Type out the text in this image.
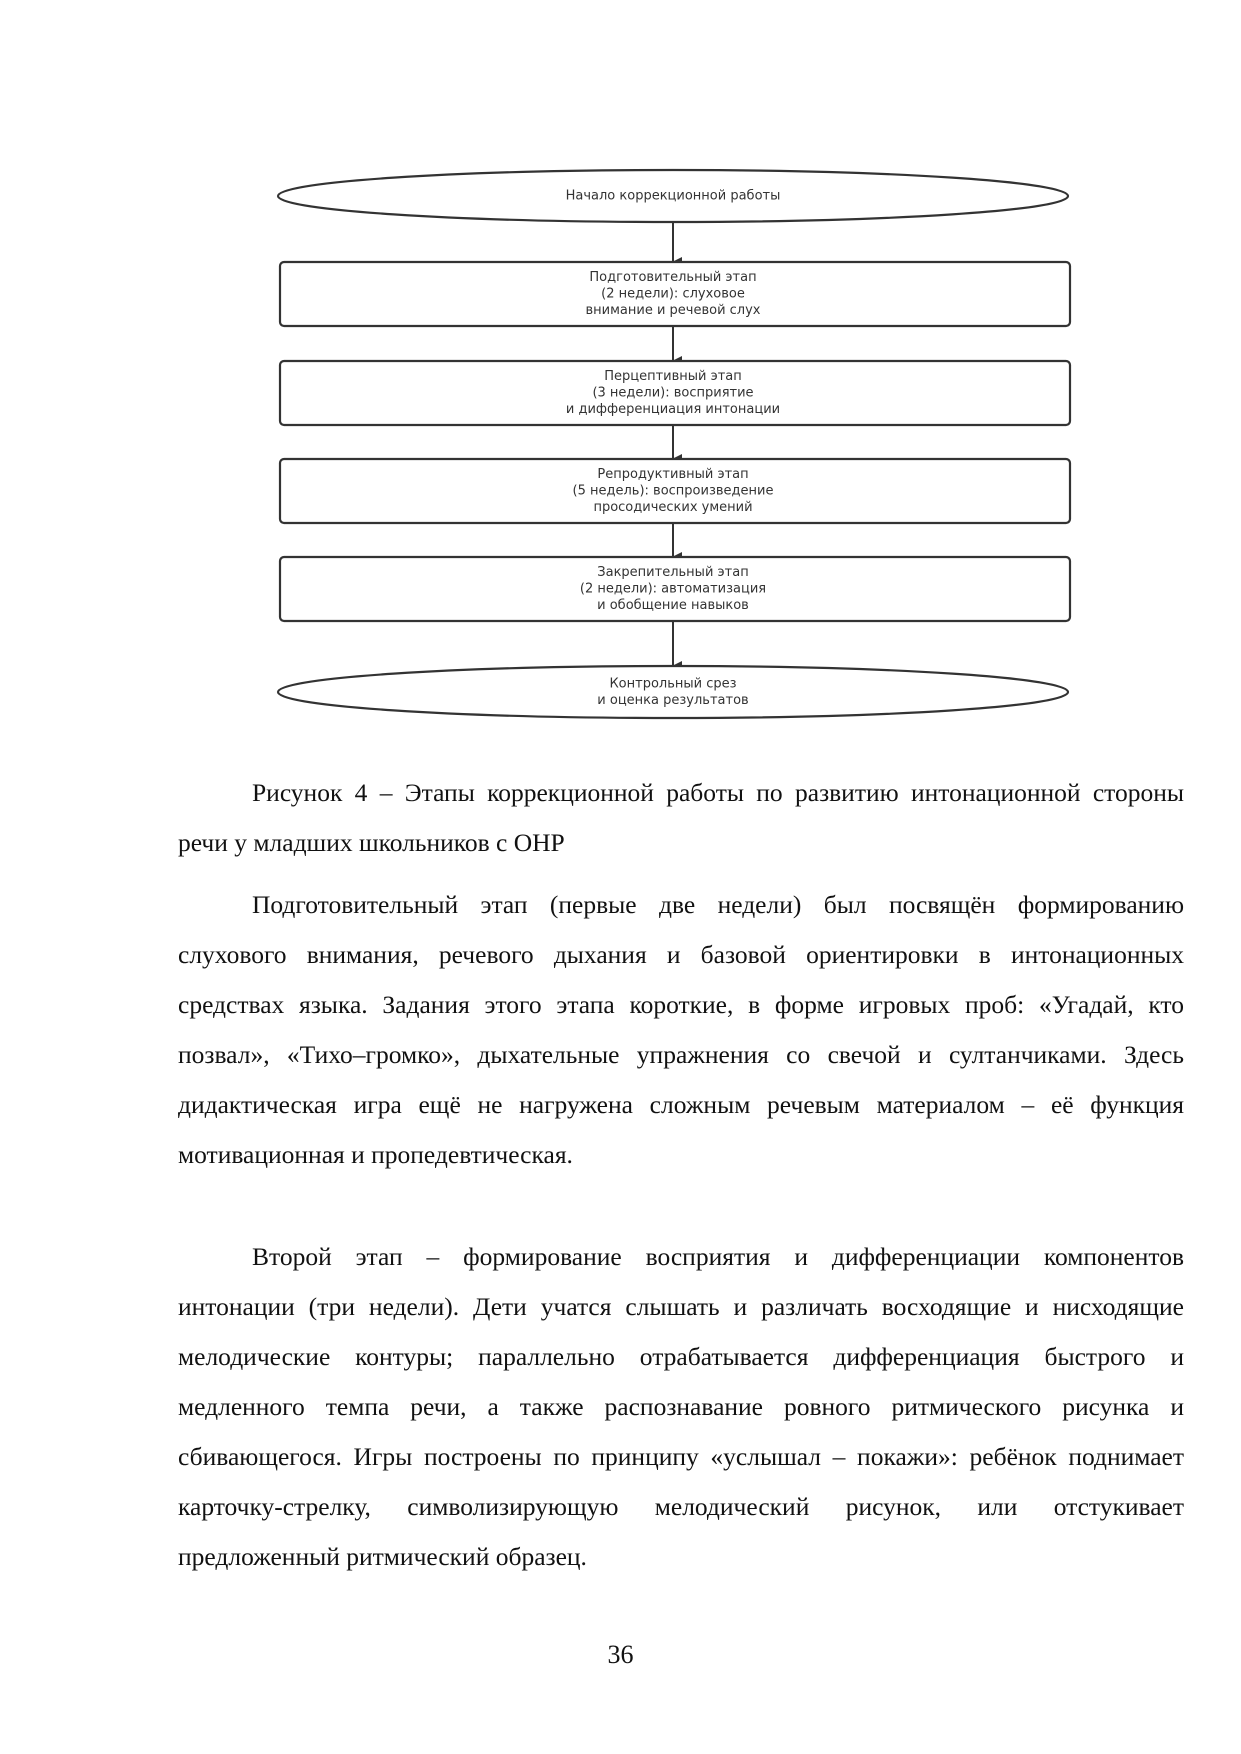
Начало коррекционной работы
Подготовительный этап
(2 недели): слуховое
внимание и речевой слух
Перцептивный этап
(3 недели): восприятие
и дифференциация интонации
Репродуктивный этап
(5 недель): воспроизведение
просодических умений
Закрепительный этап
(2 недели): автоматизация
и обобщение навыков
Контрольный срез
и оценка результатов

Рисунок 4 – Этапы коррекционной работы по развитию интонационной стороны речи у младших школьников с ОНР

Подготовительный этап (первые две недели) был посвящён формированию слухового внимания, речевого дыхания и базовой ориентировки в интонационных средствах языка. Задания этого этапа короткие, в форме игровых проб: «Угадай, кто позвал», «Тихо–громко», дыхательные упражнения со свечой и султанчиками. Здесь дидактическая игра ещё не нагружена сложным речевым материалом – её функция мотивационная и пропедевтическая.

Второй этап – формирование восприятия и дифференциации компонентов интонации (три недели). Дети учатся слышать и различать восходящие и нисходящие мелодические контуры; параллельно отрабатывается дифференциация быстрого и медленного темпа речи, а также распознавание ровного ритмического рисунка и сбивающегося. Игры построены по принципу «услышал – покажи»: ребёнок поднимает карточку-стрелку, символизирующую мелодический рисунок, или отстукивает предложенный ритмический образец.

36
